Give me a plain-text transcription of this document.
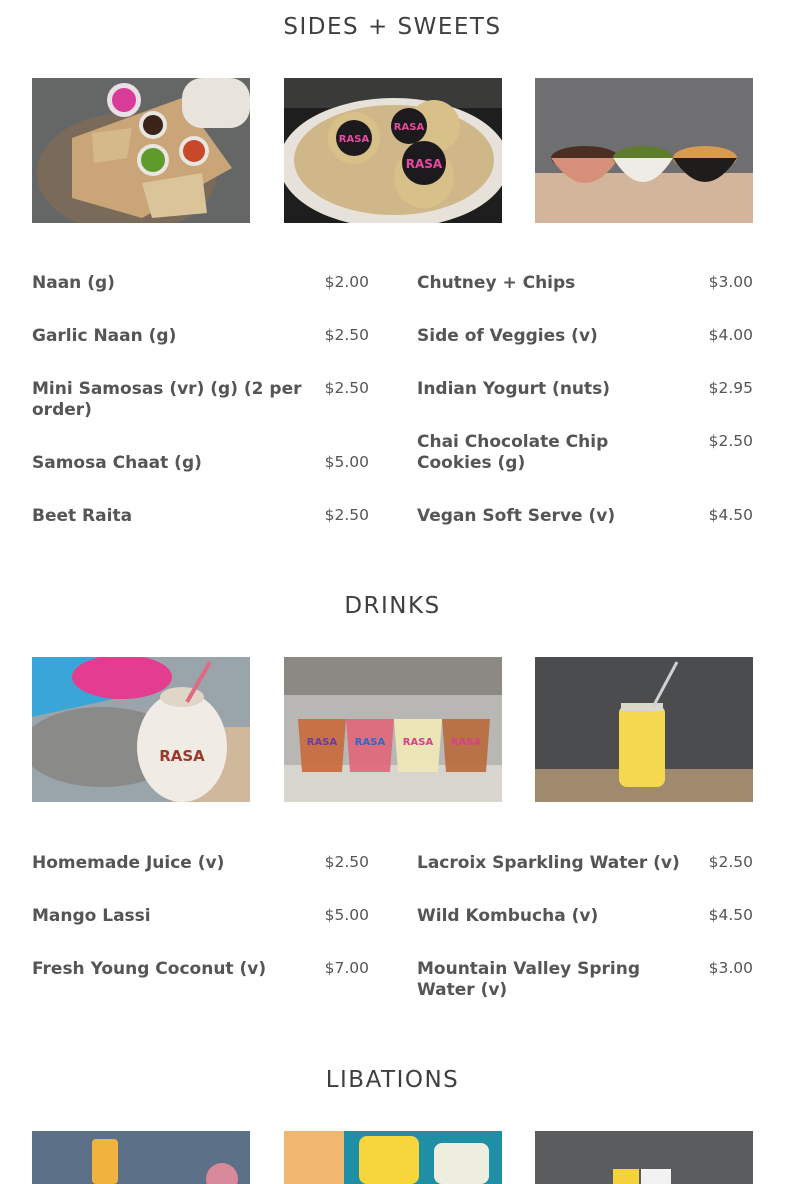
SIDES + SWEETS
RASA
RASA
RASA
Naan (g)	$2.00
Garlic Naan (g)	$2.50
Mini Samosas (vr) (g) (2 per order)
$2.50
Samosa Chaat (g)	$5.00
Beet Raita	$2.50
Chutney + Chips	$3.00
Side of Veggies (v)	$4.00
Indian Yogurt (nuts)	$2.95
Chai Chocolate Chip Cookies (g)
$2.50
Vegan Soft Serve (v)	$4.50
DRINKS
RASA
RASA RASA RASA RASA
Homemade Juice (v)	$2.50
Mango Lassi	$5.00
Fresh Young Coconut (v)	$7.00
Lacroix Sparkling Water (v) $2.50
Wild Kombucha (v)	$4.50
Mountain Valley Spring Water (v)
$3.00
LIBATIONS
